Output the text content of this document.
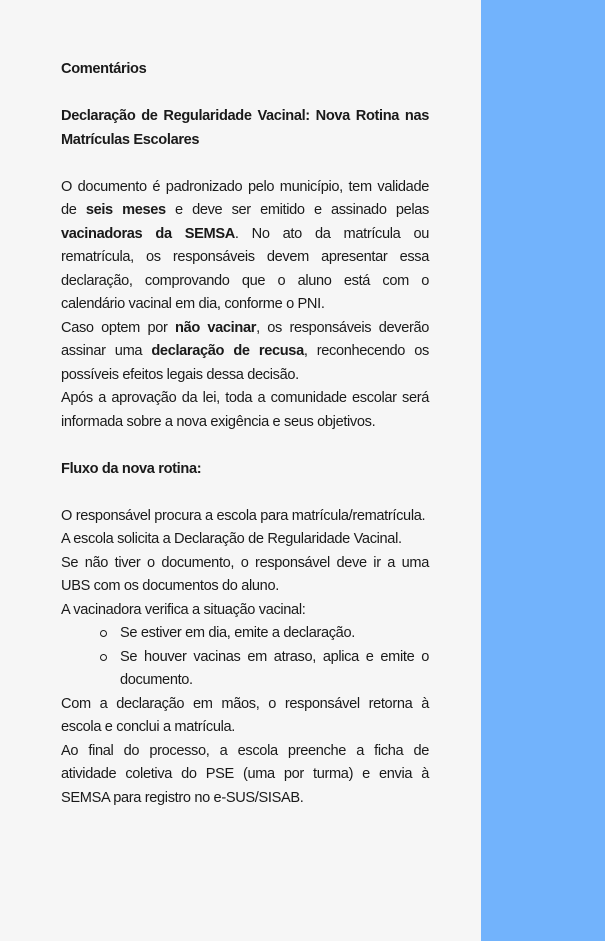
Comentários

Declaração de Regularidade Vacinal: Nova Rotina nas Matrículas Escolares

O documento é padronizado pelo município, tem validade de seis meses e deve ser emitido e assinado pelas vacinadoras da SEMSA. No ato da matrícula ou rematrícula, os responsáveis devem apresentar essa declaração, comprovando que o aluno está com o calendário vacinal em dia, conforme o PNI.

Caso optem por não vacinar, os responsáveis deverão assinar uma declaração de recusa, reconhecendo os possíveis efeitos legais dessa decisão.

Após a aprovação da lei, toda a comunidade escolar será informada sobre a nova exigência e seus objetivos.

Fluxo da nova rotina:

O responsável procura a escola para matrícula/rematrícula.

A escola solicita a Declaração de Regularidade Vacinal.

Se não tiver o documento, o responsável deve ir a uma UBS com os documentos do aluno.

A vacinadora verifica a situação vacinal:

Se estiver em dia, emite a declaração.
Se houver vacinas em atraso, aplica e emite o documento.

Com a declaração em mãos, o responsável retorna à escola e conclui a matrícula.

Ao final do processo, a escola preenche a ficha de atividade coletiva do PSE (uma por turma) e envia à SEMSA para registro no e-SUS/SISAB.
